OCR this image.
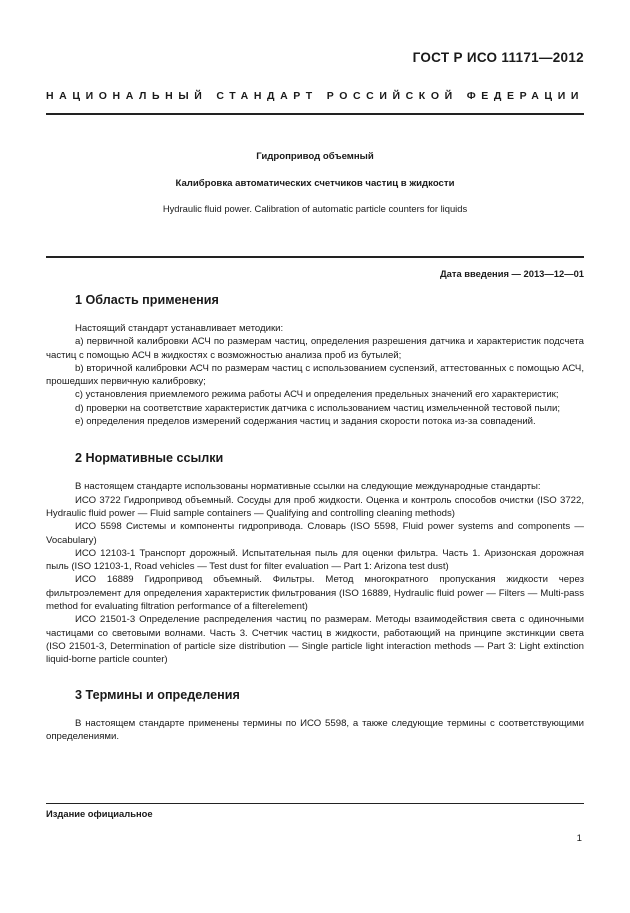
ГОСТ Р ИСО 11171—2012
НАЦИОНАЛЬНЫЙ СТАНДАРТ РОССИЙСКОЙ ФЕДЕРАЦИИ
Гидропривод объемный
Калибровка автоматических счетчиков частиц в жидкости
Hydraulic fluid power. Calibration of automatic particle counters for liquids
Дата введения — 2013—12—01
1 Область применения

Настоящий стандарт устанавливает методики:

а) первичной калибровки АСЧ по размерам частиц, определения разрешения датчика и характеристик подсчета частиц с помощью АСЧ в жидкостях с возможностью анализа проб из бутылей;

b) вторичной калибровки АСЧ по размерам частиц с использованием суспензий, аттестованных с помощью АСЧ, прошедших первичную калибровку;

c) установления приемлемого режима работы АСЧ и определения предельных значений его характеристик;

d) проверки на соответствие характеристик датчика с использованием частиц измельченной тестовой пыли;

e) определения пределов измерений содержания частиц и задания скорости потока из-за совпадений.

2 Нормативные ссылки

В настоящем стандарте использованы нормативные ссылки на следующие международные стандарты:

ИСО 3722 Гидропривод объемный. Сосуды для проб жидкости. Оценка и контроль способов очистки (ISO 3722, Hydraulic fluid power — Fluid sample containers — Qualifying and controlling cleaning methods)

ИСО 5598 Системы и компоненты гидропривода. Словарь (ISO 5598, Fluid power systems and components — Vocabulary)

ИСО 12103-1 Транспорт дорожный. Испытательная пыль для оценки фильтра. Часть 1. Аризонская дорожная пыль (ISO 12103-1, Road vehicles — Test dust for filter evaluation — Part 1: Arizona test dust)

ИСО 16889 Гидропривод объемный. Фильтры. Метод многократного пропускания жидкости через фильтроэлемент для определения характеристик фильтрования (ISO 16889, Hydraulic fluid power — Filters — Multi-pass method for evaluating filtration performance of a filterelement)

ИСО 21501-3 Определение распределения частиц по размерам. Методы взаимодействия света с одиночными частицами со световыми волнами. Часть 3. Счетчик частиц в жидкости, работающий на принципе экстинкции света (ISO 21501-3, Determination of particle size distribution — Single particle light interaction methods — Part 3: Light extinction liquid-borne particle counter)

3 Термины и определения

В настоящем стандарте применены термины по ИСО 5598, а также следующие термины с соответствующими определениями.

Издание официальное
1
